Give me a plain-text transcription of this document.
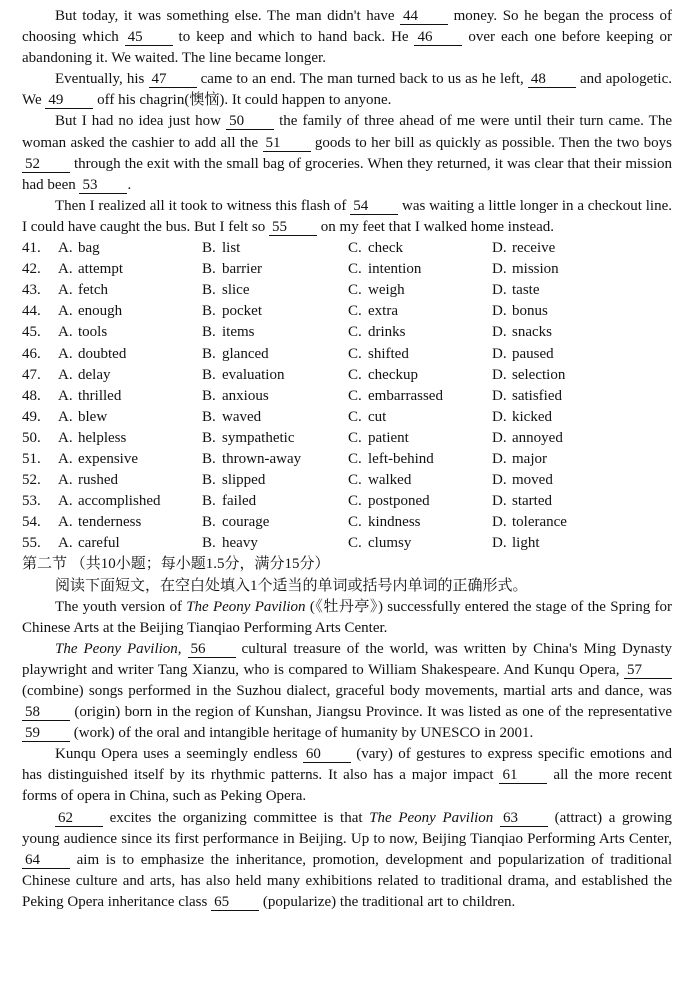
But today, it was something else. The man didn't have 44 money. So he began the process of choosing which 45 to keep and which to hand back. He 46 over each one before keeping or abandoning it. We waited. The line became longer.

Eventually, his 47 came to an end. The man turned back to us as he left, 48 and apologetic. We 49 off his chagrin(懊恼). It could happen to anyone.

But I had no idea just how 50 the family of three ahead of me were until their turn came. The woman asked the cashier to add all the 51 goods to her bill as quickly as possible. Then the two boys 52 through the exit with the small bag of groceries. When they returned, it was clear that their mission had been 53 .

Then I realized all it took to witness this flash of 54 was waiting a little longer in a checkout line. I could have caught the bus. But I felt so 55 on my feet that I walked home instead.

41.	A. bag	B. list	C. check	D. receive
42.	A. attempt	B. barrier	C. intention	D. mission
43.	A. fetch	B. slice	C. weigh	D. taste
44.	A. enough	B. pocket	C. extra	D. bonus
45.	A. tools	B. items	C. drinks	D. snacks
46.	A. doubted	B. glanced	C. shifted	D. paused
47.	A. delay	B. evaluation	C. checkup	D. selection
48.	A. thrilled	B. anxious	C. embarrassed	D. satisfied
49.	A. blew	B. waved	C. cut	D. kicked
50.	A. helpless	B. sympathetic	C. patient	D. annoyed
51.	A. expensive	B. thrown-away	C. left-behind	D. major
52.	A. rushed	B. slipped	C. walked	D. moved
53.	A. accomplished	B. failed	C. postponed	D. started
54.	A. tenderness	B. courage	C. kindness	D. tolerance
55.	A. careful	B. heavy	C. clumsy	D. light

第二节 （共10小题；每小题1.5分，满分15分）

阅读下面短文，在空白处填入1个适当的单词或括号内单词的正确形式。

The youth version of The Peony Pavilion (《牡丹亭》) successfully entered the stage of the Spring for Chinese Arts at the Beijing Tianqiao Performing Arts Center.

The Peony Pavilion, 56 cultural treasure of the world, was written by China's Ming Dynasty playwright and writer Tang Xianzu, who is compared to William Shakespeare. And Kunqu Opera, 57 (combine) songs performed in the Suzhou dialect, graceful body movements, martial arts and dance, was 58 (origin) born in the region of Kunshan, Jiangsu Province. It was listed as one of the representative 59 (work) of the oral and intangible heritage of humanity by UNESCO in 2001.

Kunqu Opera uses a seemingly endless 60 (vary) of gestures to express specific emotions and has distinguished itself by its rhythmic patterns. It also has a major impact 61 all the more recent forms of opera in China, such as Peking Opera.

62 excites the organizing committee is that The Peony Pavilion 63 (attract) a growing young audience since its first performance in Beijing. Up to now, Beijing Tianqiao Performing Arts Center, 64 aim is to emphasize the inheritance, promotion, development and popularization of traditional Chinese culture and arts, has also held many exhibitions related to traditional drama, and established the Peking Opera inheritance class 65 (popularize) the traditional art to children.
